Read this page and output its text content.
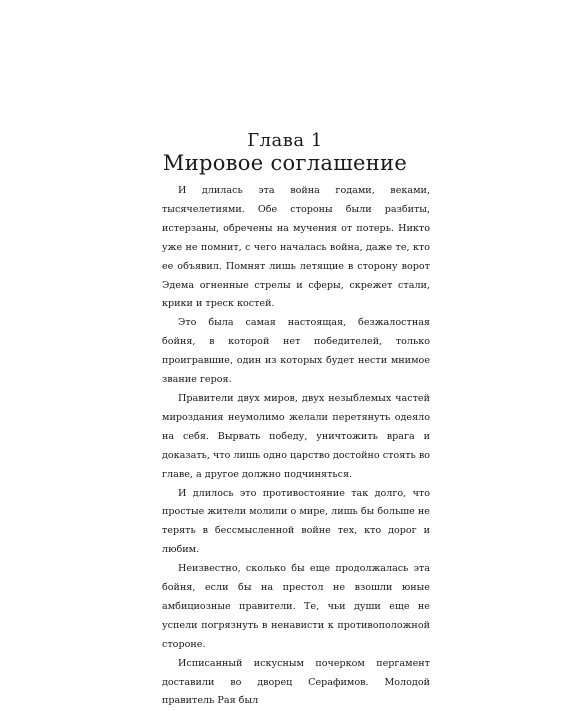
Глава 1
Мировое соглашение

И длилась эта война годами, веками, тысячелетиями. Обе стороны были разбиты, истерзаны, обречены на мучения от потерь. Никто уже не помнит, с чего началась война, даже те, кто ее объявил. Помнят лишь летящие в сторону ворот Эдема огненные стрелы и сферы, скрежет стали, крики и треск костей.

Это была самая настоящая, безжалостная бойня, в которой нет победителей, только проигравшие, один из которых будет нести мнимое звание героя.

Правители двух миров, двух незыблемых частей мироздания неумолимо желали перетянуть одеяло на себя. Вырвать победу, уничтожить врага и доказать, что лишь одно царство достойно стоять во главе, а другое должно подчиняться.

И длилось это противостояние так долго, что простые жители молили о мире, лишь бы больше не терять в бессмысленной войне тех, кто дорог и любим.

Неизвестно, сколько бы еще продолжалась эта бойня, если бы на престол не взошли юные амбициозные правители. Те, чьи души еще не успели погрязнуть в ненависти к противоположной стороне.

Исписанный искусным почерком пергамент доставили во дворец Серафимов. Молодой правитель Рая был
